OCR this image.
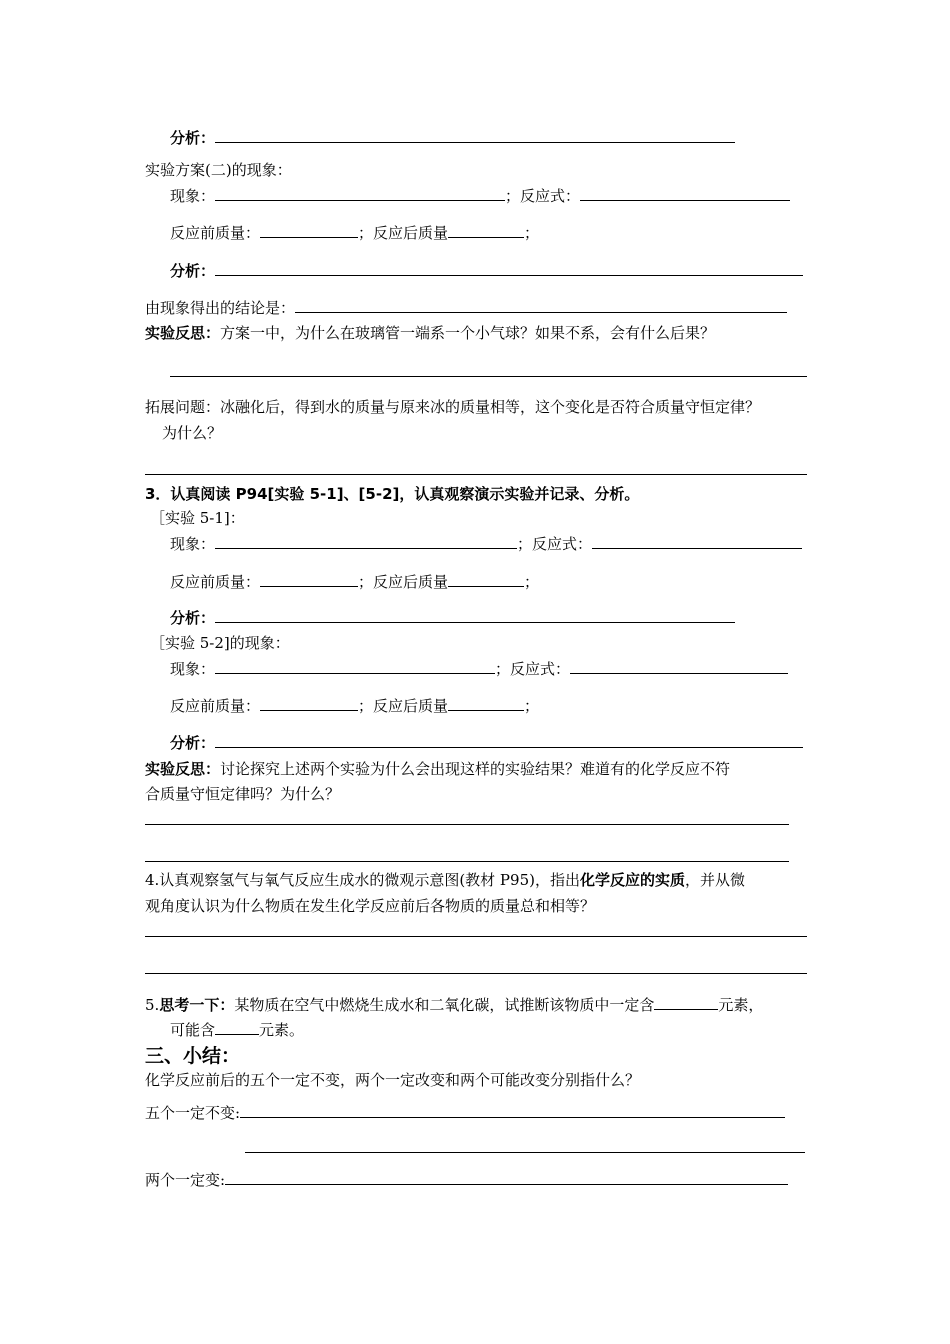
分析：
实验方案(二)的现象：
现象：	；反应式：
反应前质量：	；反应后质量	；
分析：
由现象得出的结论是：
实验反思：方案一中，为什么在玻璃管一端系一个小气球？如果不系，会有什么后果？
拓展问题：冰融化后，得到水的质量与原来冰的质量相等，这个变化是否符合质量守恒定律？
为什么？
3．认真阅读 P94[实验 5-1]、[5-2]，认真观察演示实验并记录、分析。
［实验 5-1]：
现象：	；反应式：
反应前质量：	；反应后质量	；
分析：
［实验 5-2]的现象：
现象：	；反应式：
反应前质量：	；反应后质量	；
分析：
实验反思：讨论探究上述两个实验为什么会出现这样的实验结果？难道有的化学反应不符
合质量守恒定律吗？为什么？
4.认真观察氢气与氧气反应生成水的微观示意图(教材 P95)，指出化学反应的实质，并从微
观角度认识为什么物质在发生化学反应前后各物质的质量总和相等？
5.思考一下：某物质在空气中燃烧生成水和二氧化碳，试推断该物质中一定含	元素，
可能含	元素。
三、小结：
化学反应前后的五个一定不变，两个一定改变和两个可能改变分别指什么？
五个一定不变:
两个一定变:
